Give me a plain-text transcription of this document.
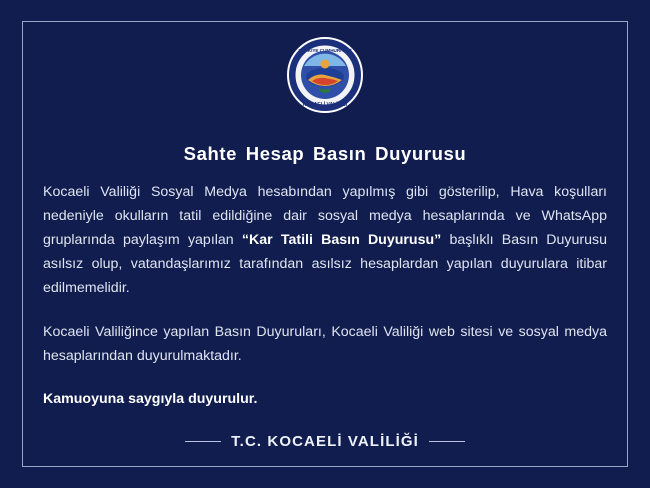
TÜRKİYE CUMHURİYETİ
KOCAELİ VALİLİĞİ
Sahte Hesap Basın Duyurusu

Kocaeli Valiliği Sosyal Medya hesabından yapılmış gibi gösterilip, Hava koşulları nedeniyle okulların tatil edildiğine dair sosyal medya hesaplarında ve WhatsApp gruplarında paylaşım yapılan “Kar Tatili Basın Duyurusu” başlıklı Basın Duyurusu asılsız olup, vatandaşlarımız tarafından asılsız hesaplardan yapılan duyurulara itibar edilmemelidir.

Kocaeli Valiliğince yapılan Basın Duyuruları, Kocaeli Valiliği web sitesi ve sosyal medya hesaplarından duyurulmaktadır.

Kamuoyuna saygıyla duyurulur.

T.C. KOCAELİ VALİLİĞİ
